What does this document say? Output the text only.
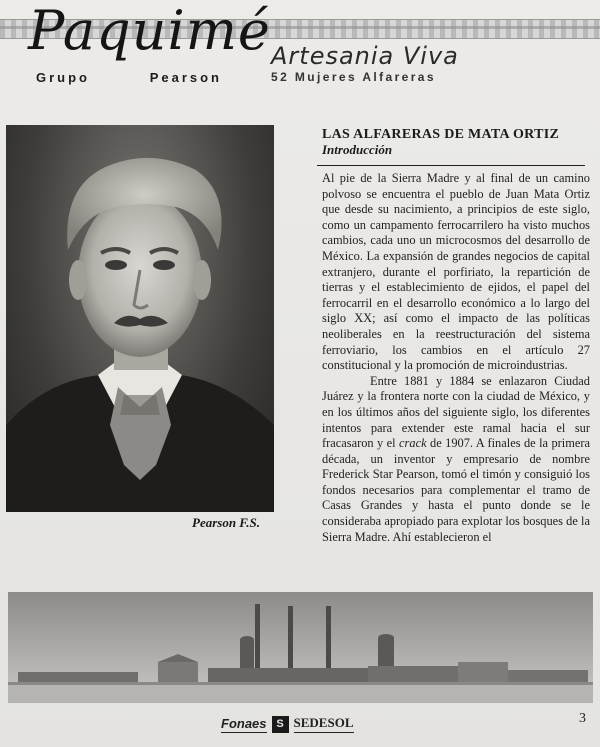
Paquimé
Grupo	Pearson
Artesania Viva
52 Mujeres Alfareras
Pearson F.S.
LAS ALFARERAS DE MATA ORTIZ
Introducción

Al pie de la Sierra Madre y al final de un camino polvoso se encuentra el pueblo de Juan Mata Ortiz que desde su nacimiento, a principios de este siglo, como un campamento ferrocarrilero ha visto muchos cambios, cada uno un microcosmos del desarrollo de México. La expansión de grandes negocios de capital extranjero, durante el porfiriato, la repartición de tierras y el establecimiento de ejidos, el papel del ferrocarril en el desarrollo económico a lo largo del siglo XX; así como el impacto de las políticas neoliberales en la reestructuración del sistema ferroviario, los cambios en el artículo 27 constitucional y la promoción de microindustrias.

Entre 1881 y 1884 se enlazaron Ciudad Juárez y la frontera norte con la ciudad de México, y en los últimos años del siguiente siglo, los diferentes intentos para extender este ramal hacia el sur fracasaron y el crack de 1907. A finales de la primera década, un inventor y empresario de nombre Frederick Star Pearson, tomó el timón y consiguió los fondos necesarios para complementar el tramo de Casas Grandes y hasta el punto donde se le consideraba apropiado para explotar los bosques de la Sierra Madre. Ahí establecieron el

Fonaes S SEDESOL	3
